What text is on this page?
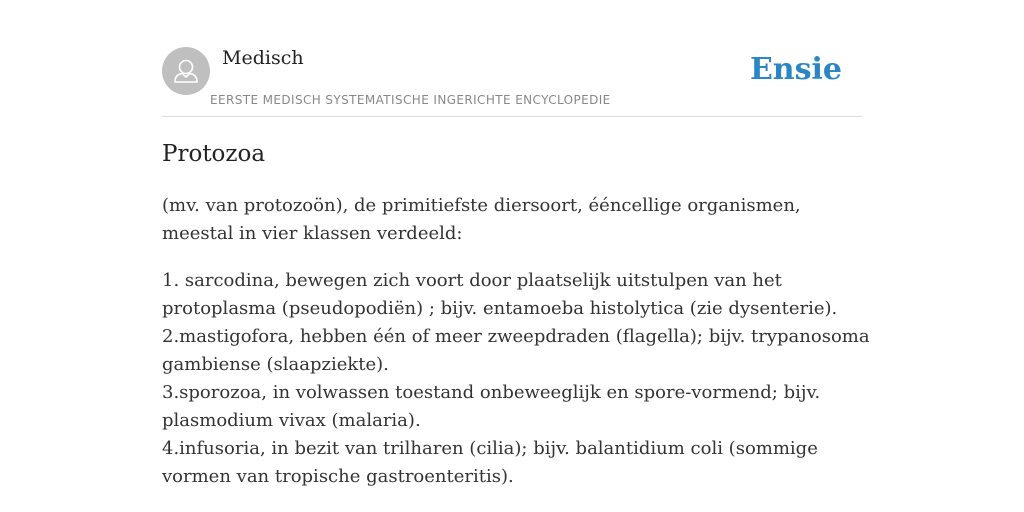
Medisch
EERSTE MEDISCH SYSTEMATISCHE INGERICHTE ENCYCLOPEDIE
Ensie
Protozoa

(mv. van protozoön), de primitiefste diersoort, ééncellige organismen, meestal in vier klassen verdeeld:

1. sarcodina, bewegen zich voort door plaatselijk uitstulpen van het protoplasma (pseudopodiën) ; bijv. entamoeba histolytica (zie dysenterie).
2.mastigofora, hebben één of meer zweepdraden (flagella); bijv. trypanosoma gambiense (slaapziekte).
3.sporozoa, in volwassen toestand onbeweeglijk en spore-vormend; bijv. plasmodium vivax (malaria).
4.infusoria, in bezit van trilharen (cilia); bijv. balantidium coli (sommige vormen van tropische gastroenteritis).
